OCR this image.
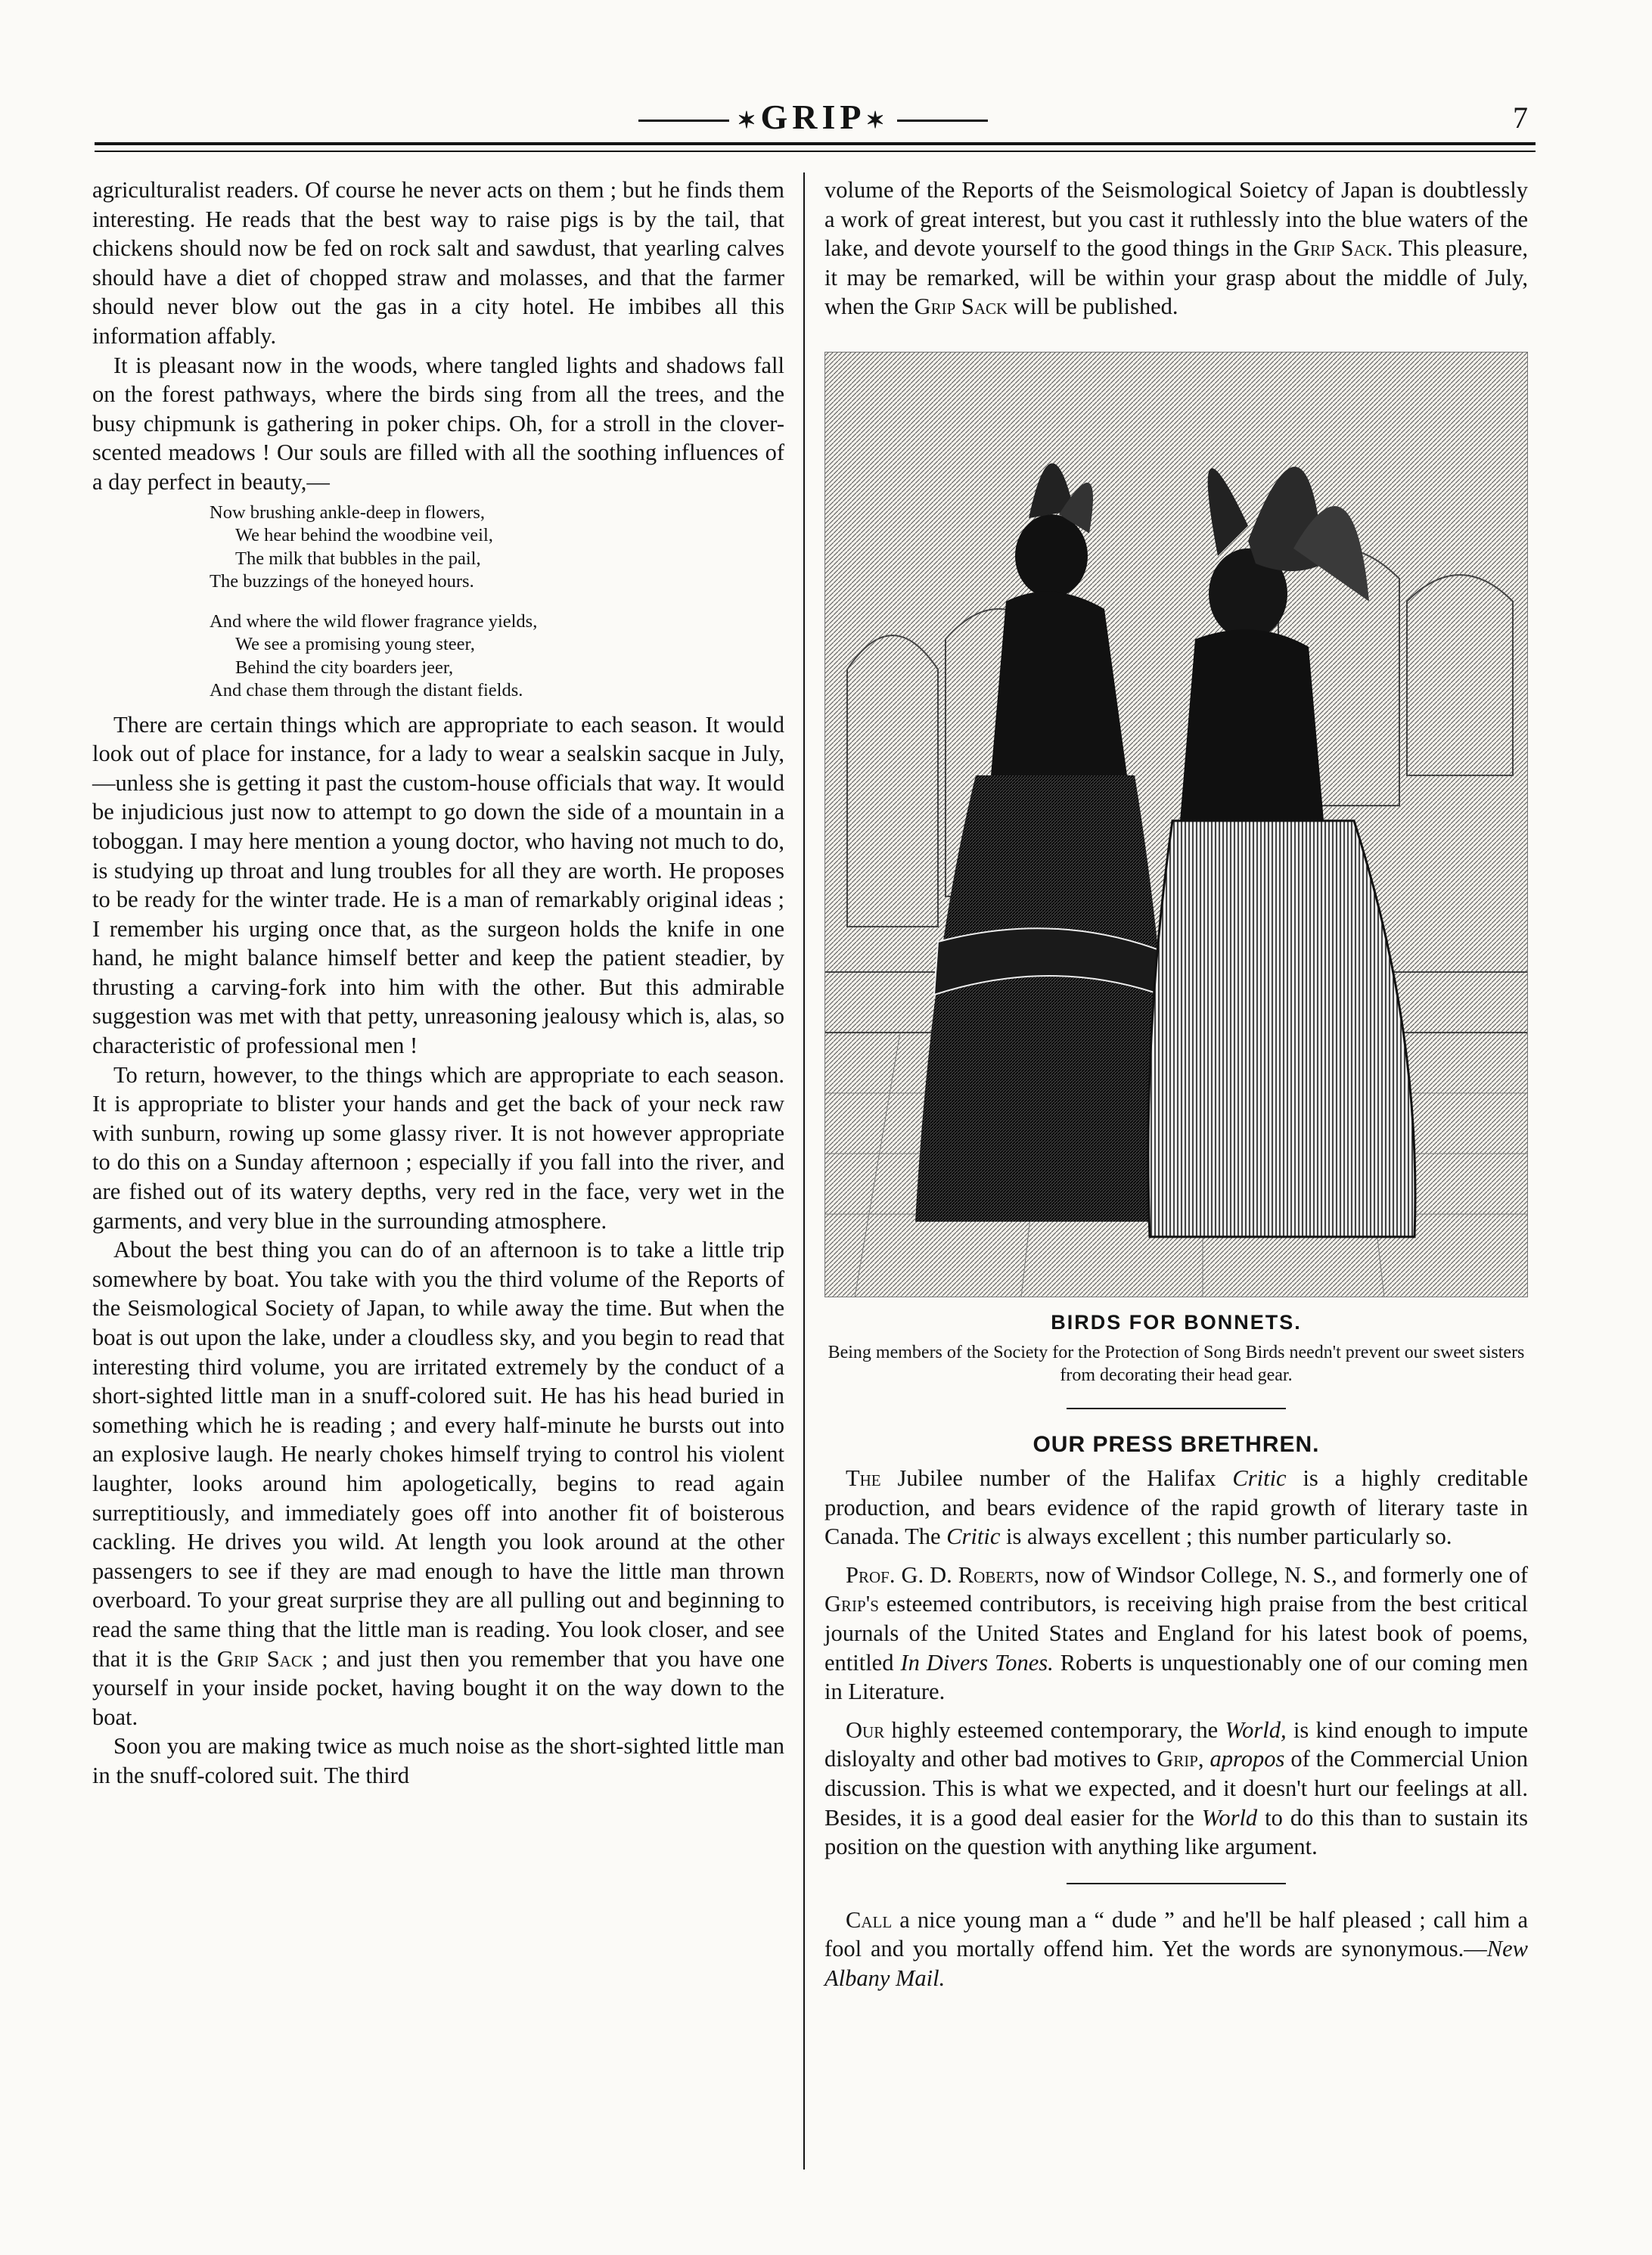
✶GRIP✶	7

agriculturalist readers. Of course he never acts on them ; but he finds them interesting. He reads that the best way to raise pigs is by the tail, that chickens should now be fed on rock salt and sawdust, that yearling calves should have a diet of chopped straw and molasses, and that the farmer should never blow out the gas in a city hotel. He imbibes all this information affably.

It is pleasant now in the woods, where tangled lights and shadows fall on the forest pathways, where the birds sing from all the trees, and the busy chipmunk is gathering in poker chips. Oh, for a stroll in the clover-scented meadows ! Our souls are filled with all the soothing influences of a day perfect in beauty,—

Now brushing ankle-deep in flowers,
We hear behind the woodbine veil,
The milk that bubbles in the pail,
The buzzings of the honeyed hours.
And where the wild flower fragrance yields,
We see a promising young steer,
Behind the city boarders jeer,
And chase them through the distant fields.

There are certain things which are appropriate to each season. It would look out of place for instance, for a lady to wear a sealskin sacque in July,—unless she is getting it past the custom-house officials that way. It would be injudicious just now to attempt to go down the side of a mountain in a toboggan. I may here mention a young doctor, who having not much to do, is studying up throat and lung troubles for all they are worth. He proposes to be ready for the winter trade. He is a man of remarkably original ideas ; I remember his urging once that, as the surgeon holds the knife in one hand, he might balance himself better and keep the patient steadier, by thrusting a carving-fork into him with the other. But this admirable suggestion was met with that petty, unreasoning jealousy which is, alas, so characteristic of professional men !

To return, however, to the things which are appropriate to each season. It is appropriate to blister your hands and get the back of your neck raw with sunburn, rowing up some glassy river. It is not however appropriate to do this on a Sunday afternoon ; especially if you fall into the river, and are fished out of its watery depths, very red in the face, very wet in the garments, and very blue in the surrounding atmosphere.

About the best thing you can do of an afternoon is to take a little trip somewhere by boat. You take with you the third volume of the Reports of the Seismological Society of Japan, to while away the time. But when the boat is out upon the lake, under a cloudless sky, and you begin to read that interesting third volume, you are irritated extremely by the conduct of a short-sighted little man in a snuff-colored suit. He has his head buried in something which he is reading ; and every half-minute he bursts out into an explosive laugh. He nearly chokes himself trying to control his violent laughter, looks around him apologetically, begins to read again surreptitiously, and immediately goes off into another fit of boisterous cackling. He drives you wild. At length you look around at the other passengers to see if they are mad enough to have the little man thrown overboard. To your great surprise they are all pulling out and beginning to read the same thing that the little man is reading. You look closer, and see that it is the Grip Sack ; and just then you remember that you have one yourself in your inside pocket, having bought it on the way down to the boat.

Soon you are making twice as much noise as the short-sighted little man in the snuff-colored suit. The third

volume of the Reports of the Seismological Soietcy of Japan is doubtlessly a work of great interest, but you cast it ruthlessly into the blue waters of the lake, and devote yourself to the good things in the Grip Sack. This pleasure, it may be remarked, will be within your grasp about the middle of July, when the Grip Sack will be published.

BIRDS FOR BONNETS.
Being members of the Society for the Protection of Song Birds needn't prevent our sweet sisters from decorating their head gear.
OUR PRESS BRETHREN.

The Jubilee number of the Halifax Critic is a highly creditable production, and bears evidence of the rapid growth of literary taste in Canada. The Critic is always excellent ; this number particularly so.

Prof. G. D. Roberts, now of Windsor College, N. S., and formerly one of Grip's esteemed contributors, is receiving high praise from the best critical journals of the United States and England for his latest book of poems, entitled In Divers Tones. Roberts is unquestionably one of our coming men in Literature.

Our highly esteemed contemporary, the World, is kind enough to impute disloyalty and other bad motives to Grip, apropos of the Commercial Union discussion. This is what we expected, and it doesn't hurt our feelings at all. Besides, it is a good deal easier for the World to do this than to sustain its position on the question with anything like argument.

Call a nice young man a “ dude ” and he'll be half pleased ; call him a fool and you mortally offend him. Yet the words are synonymous.—New Albany Mail.
